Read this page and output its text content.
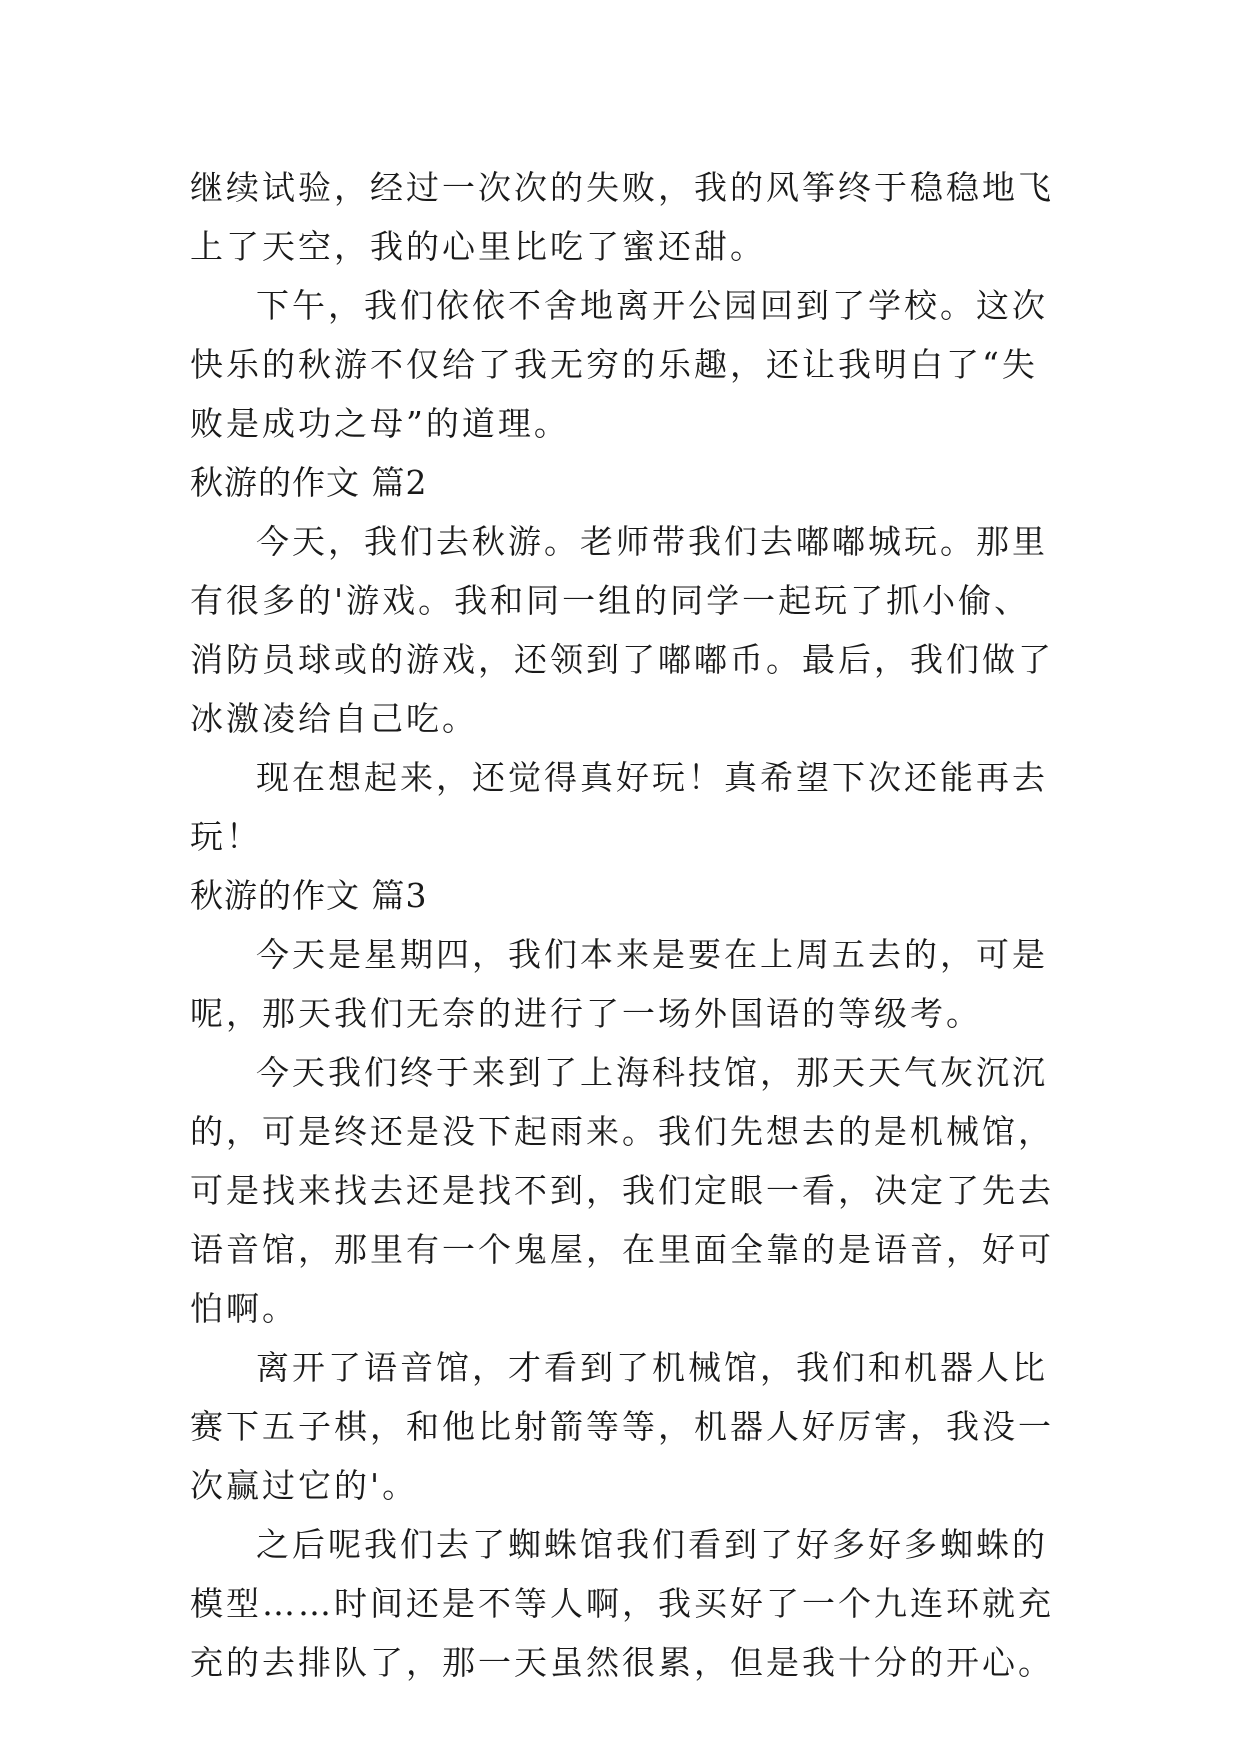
继续试验，经过一次次的失败，我的风筝终于稳稳地飞上了天空，我的心里比吃了蜜还甜。

下午，我们依依不舍地离开公园回到了学校。这次快乐的秋游不仅给了我无穷的乐趣，还让我明白了“失败是成功之母”的道理。

秋游的作文 篇2

今天，我们去秋游。老师带我们去嘟嘟城玩。那里有很多的'游戏。我和同一组的同学一起玩了抓小偷、消防员球或的游戏，还领到了嘟嘟币。最后，我们做了冰激凌给自己吃。

现在想起来，还觉得真好玩！真希望下次还能再去玩！

秋游的作文 篇3

今天是星期四，我们本来是要在上周五去的，可是呢，那天我们无奈的进行了一场外国语的等级考。

今天我们终于来到了上海科技馆，那天天气灰沉沉的，可是终还是没下起雨来。我们先想去的是机械馆，可是找来找去还是找不到，我们定眼一看，决定了先去语音馆，那里有一个鬼屋，在里面全靠的是语音，好可怕啊。

离开了语音馆，才看到了机械馆，我们和机器人比赛下五子棋，和他比射箭等等，机器人好厉害，我没一次赢过它的'。

之后呢我们去了蜘蛛馆我们看到了好多好多蜘蛛的模型……时间还是不等人啊，我买好了一个九连环就充充的去排队了，那一天虽然很累，但是我十分的开心。
